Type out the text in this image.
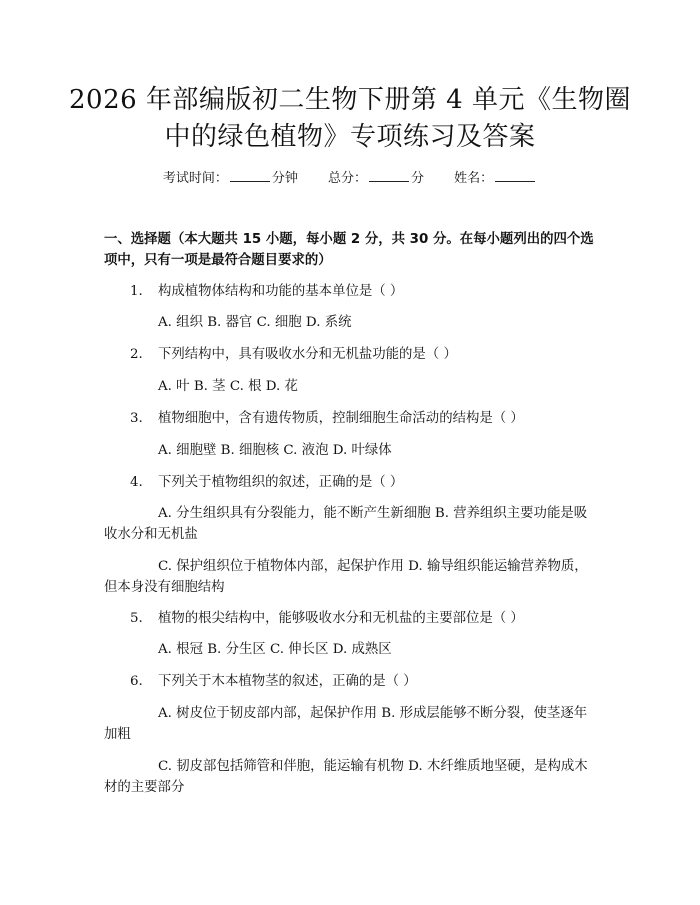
2026 年部编版初二生物下册第 4 单元《生物圈中的绿色植物》专项练习及答案
考试时间：	分钟 总分：	分 姓名：
一、选择题（本大题共 15 小题，每小题 2 分，共 30 分。在每小题列出的四个选项中，只有一项是最符合题目要求的）
1. 构成植物体结构和功能的基本单位是（ ）
A. 组织 B. 器官 C. 细胞 D. 系统
2. 下列结构中，具有吸收水分和无机盐功能的是（ ）
A. 叶 B. 茎 C. 根 D. 花
3. 植物细胞中，含有遗传物质，控制细胞生命活动的结构是（ ）
A. 细胞壁 B. 细胞核 C. 液泡 D. 叶绿体
4. 下列关于植物组织的叙述，正确的是（ ）
A. 分生组织具有分裂能力，能不断产生新细胞 B. 营养组织主要功能是吸收水分和无机盐
C. 保护组织位于植物体内部，起保护作用 D. 输导组织能运输营养物质，但本身没有细胞结构
5. 植物的根尖结构中，能够吸收水分和无机盐的主要部位是（ ）
A. 根冠 B. 分生区 C. 伸长区 D. 成熟区
6. 下列关于木本植物茎的叙述，正确的是（ ）
A. 树皮位于韧皮部内部，起保护作用 B. 形成层能够不断分裂，使茎逐年加粗
C. 韧皮部包括筛管和伴胞，能运输有机物 D. 木纤维质地坚硬，是构成木材的主要部分
